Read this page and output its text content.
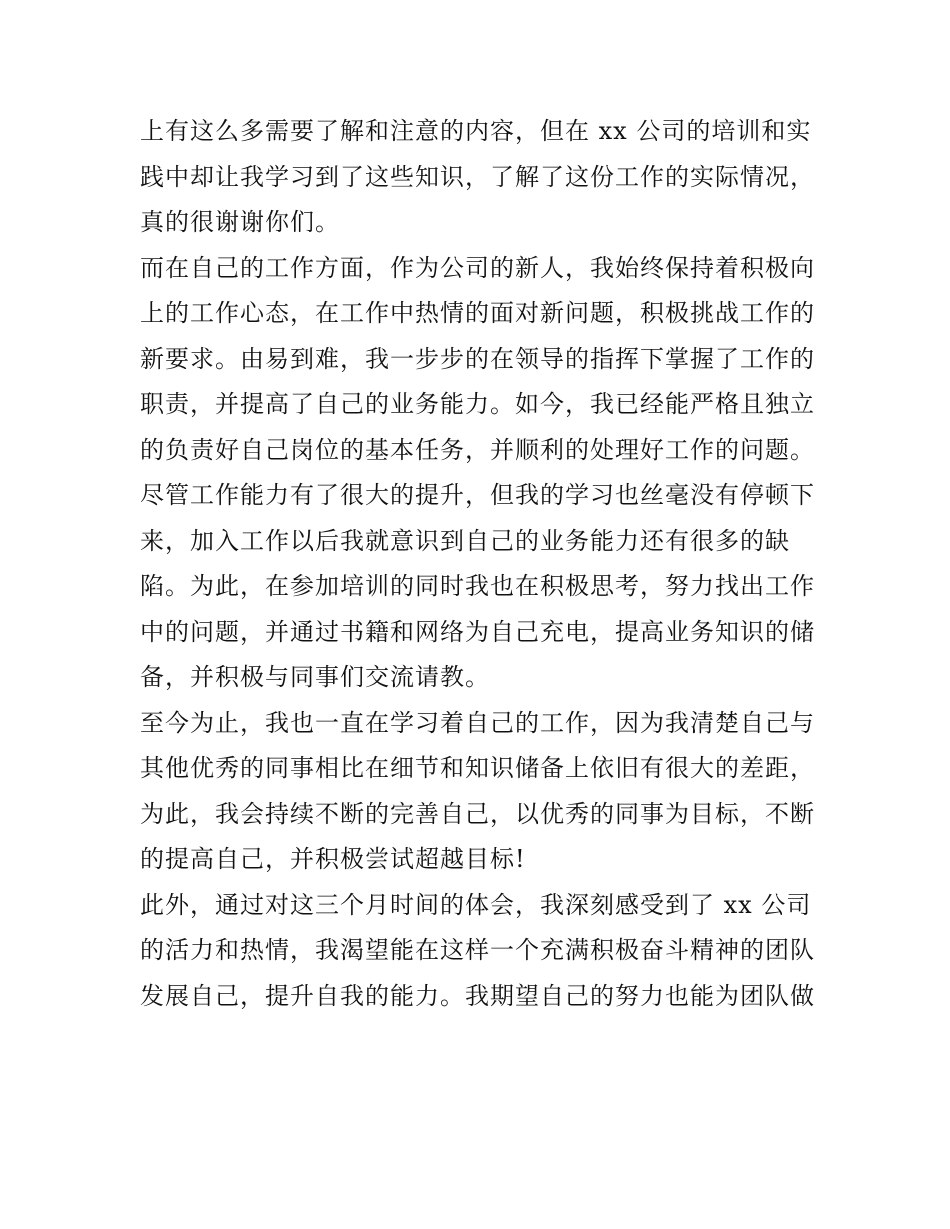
上有这么多需要了解和注意的内容，但在 xx 公司的培训和实
践中却让我学习到了这些知识，了解了这份工作的实际情况，
真的很谢谢你们。
而在自己的工作方面，作为公司的新人，我始终保持着积极向
上的工作心态，在工作中热情的面对新问题，积极挑战工作的
新要求。由易到难，我一步步的在领导的指挥下掌握了工作的
职责，并提高了自己的业务能力。如今，我已经能严格且独立
的负责好自己岗位的基本任务，并顺利的处理好工作的问题。
尽管工作能力有了很大的提升，但我的学习也丝毫没有停顿下
来，加入工作以后我就意识到自己的业务能力还有很多的缺
陷。为此，在参加培训的同时我也在积极思考，努力找出工作
中的问题，并通过书籍和网络为自己充电，提高业务知识的储
备，并积极与同事们交流请教。
至今为止，我也一直在学习着自己的工作，因为我清楚自己与
其他优秀的同事相比在细节和知识储备上依旧有很大的差距，
为此，我会持续不断的完善自己，以优秀的同事为目标，不断
的提高自己，并积极尝试超越目标!
此外，通过对这三个月时间的体会，我深刻感受到了 xx 公司
的活力和热情，我渴望能在这样一个充满积极奋斗精神的团队
发展自己，提升自我的能力。我期望自己的努力也能为团队做
